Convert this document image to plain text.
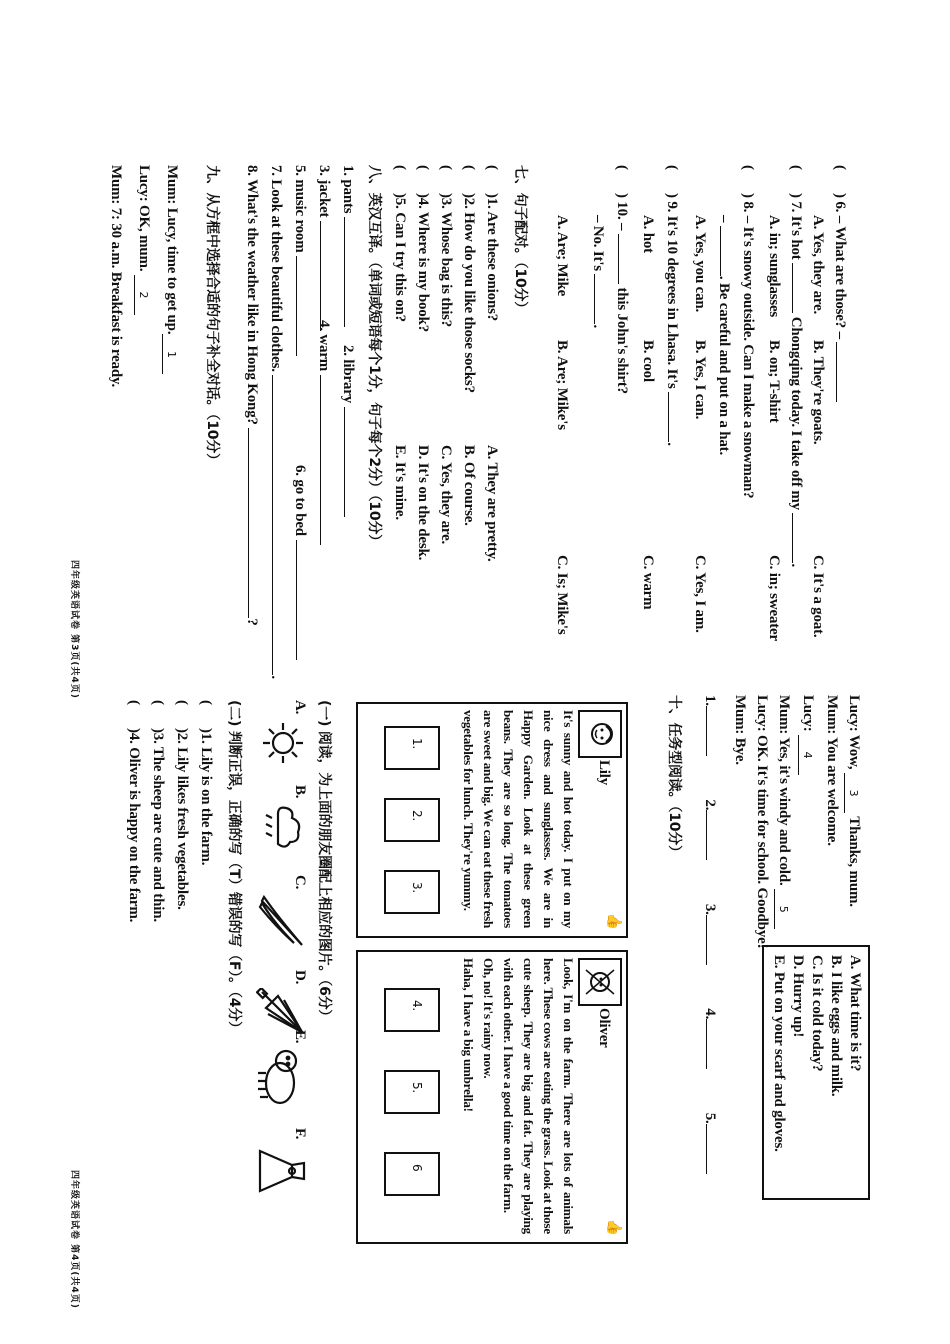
() 6. – What are those? –
A. Yes, they are.
B. They're goats.
C. It's a goat.
() 7. It's hot  Chongqing today. I take off my .
A. in; sunglasses
B. on; T-shirt
C. in; sweater
() 8. – It's snowy outside. Can I make a snowman?
– . Be careful and put on a hat.
A. Yes, you can.
B. Yes, I can.
C. Yes, I am.
() 9. It's 10 degrees in Lhasa. It's .
A. hot
B. cool
C. warm
() 10. –  this John's shirt?
– No. It's .
A. Are; Mike
B. Are; Mike's
C. Is; Mike's
七、句子配对。（10分）
()1. Are these onions?
()2. How do you like those socks?
()3. Whose bag is this?
()4. Where is my book?
()5. Can I try this on?
A. They are pretty.
B. Of course.
C. Yes, they are.
D. It's on the desk.
E. It's mine.
八、英汉互译。（单词或短语每个1分，句子每个2分）（10分）
1. pants
2. library
3. jacket
4. warm
5. music room
6. go to bed
7. Look at these beautiful clothes. .
8. What's the weather like in Hong Kong? ?
九、从方框中选择合适的句子补全对话。（10分）
Mum: Lucy, time to get up.1
Lucy: OK, mum. 2
Mum: 7: 30 a.m. Breakfast is ready.
四年级英语试卷 第3页(共4页)
Lucy: Wow, 3 Thanks, mum.
Mum: You are welcome.
Lucy: 4
Mum: Yes, it's windy and cold. 5
Lucy: OK. It's time for school. Goodbye!
Mum: Bye.
1. 2. 3. 4. 5.
A. What time is it?
B. I like eggs and milk.
C. Is it cold today?
D. Hurry up!
E. Put on your scarf and gloves.
十、任务型阅读。（10分）
Lily
👍
It's sunny and hot today. I put on my nice dress and sunglasses. We are in Happy Garden. Look at these green beans. They are so long. The tomatoes are sweet and big. We can eat these fresh vegetables for lunch. They're yummy.
1.
2.
3.
Oliver
👍
Look, I'm on the farm. There are lots of animals here. These cows are eating the grass. Look at those cute sheep. They are big and fat. They are playing with each other. I have a good time on the farm.
Oh, no! It's rainy now.
Haha, I have a big umbrella!
4.
5.
6
(一) 阅读，为上面的朋友圈配上相应的图片。（6分）
A.
B.
C.
D.
E.
F.
(二) 判断正误，正确的写（T）错误的写（F）。（4分）
()1. Lily is on the farm.
()2. Lily likes fresh vegetables.
()3. The sheep are cute and thin.
()4. Oliver is happy on the farm.
四年级英语试卷 第4页(共4页)
